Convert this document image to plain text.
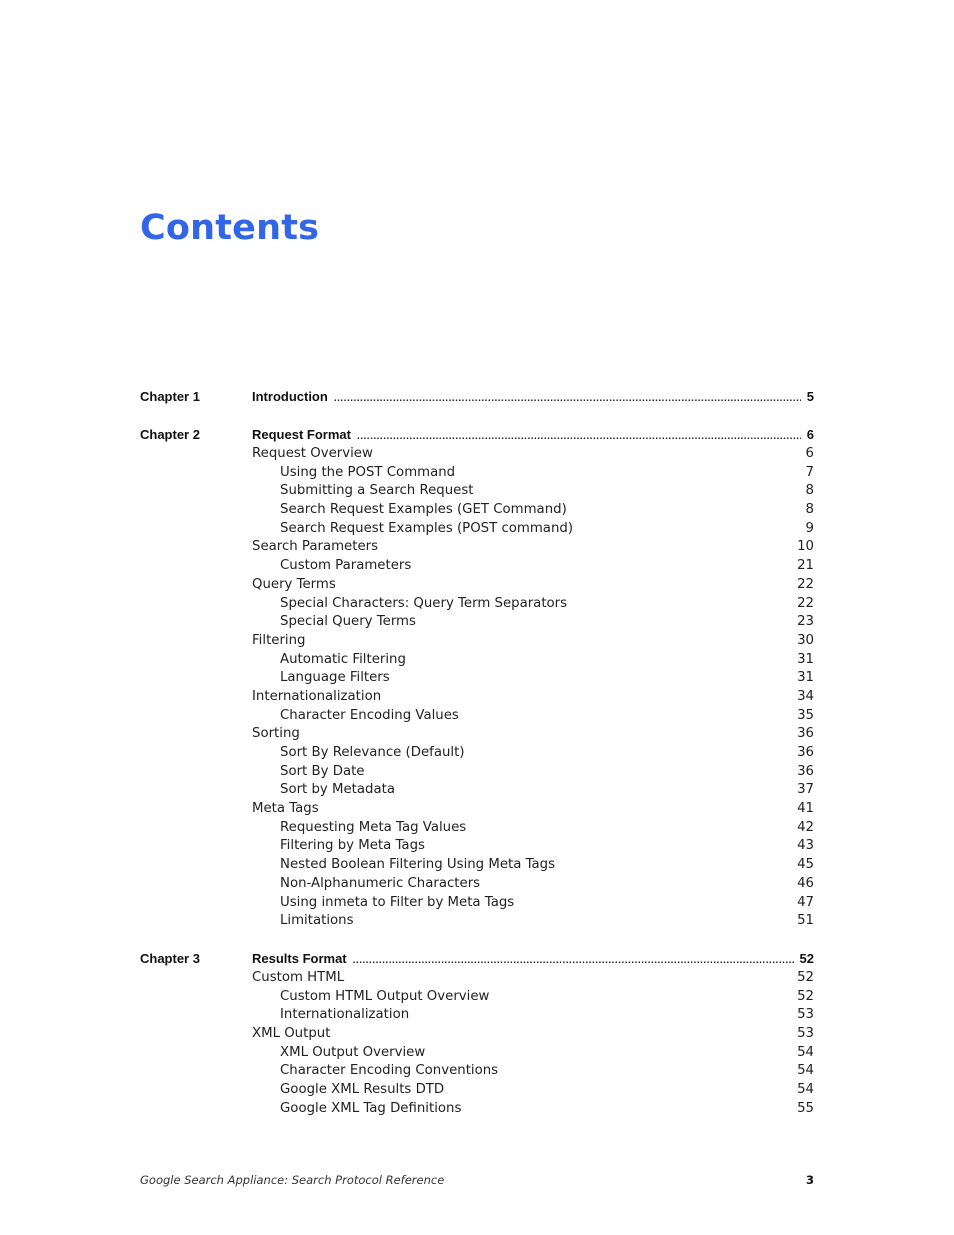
Contents
Chapter 1	Introduction .....	5
Chapter 2	Request Format .....	6
Request Overview	6
Using the POST Command	7
Submitting a Search Request	8
Search Request Examples (GET Command)	8
Search Request Examples (POST command)	9
Search Parameters	10
Custom Parameters	21
Query Terms	22
Special Characters: Query Term Separators	22
Special Query Terms	23
Filtering	30
Automatic Filtering	31
Language Filters	31
Internationalization	34
Character Encoding Values	35
Sorting	36
Sort By Relevance (Default)	36
Sort By Date	36
Sort by Metadata	37
Meta Tags	41
Requesting Meta Tag Values	42
Filtering by Meta Tags	43
Nested Boolean Filtering Using Meta Tags	45
Non-Alphanumeric Characters	46
Using inmeta to Filter by Meta Tags	47
Limitations	51
Chapter 3	Results Format .....	52
Custom HTML	52
Custom HTML Output Overview	52
Internationalization	53
XML Output	53
XML Output Overview	54
Character Encoding Conventions	54
Google XML Results DTD	54
Google XML Tag Definitions	55
Google Search Appliance: Search Protocol Reference	3
